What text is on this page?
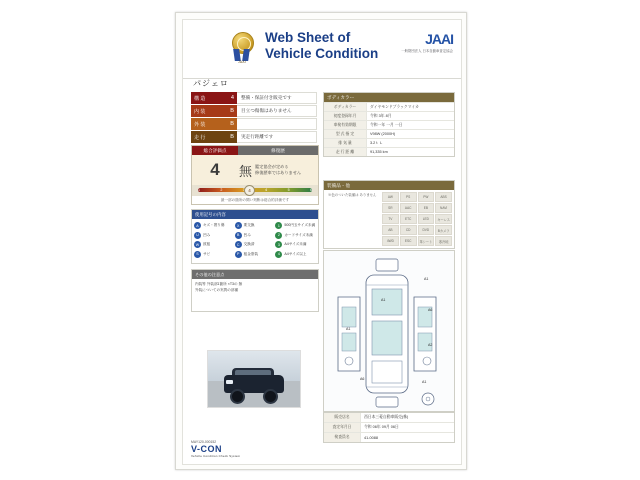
JAAI
Web Sheet of
Vehicle Condition
JAAI
一般財団法人 日本自動車査定協会
パジェロ
構 造	4	整備・保証付き販売です
内 装	B	目立つ傷傷はありません
外 装	B
走 行	B	実走行距離です
総合評価点	修復歴
4	無 鑑定協会が定める
修復歴車ではありません
1	2	4	5	6
4
最一部の箇所の間い判断は総合的評価です
ボディカラー
ボディカラー	ダイヤモンドブラックマイカ
初度登録年月	令和 3年 8月
車検有効期限	令和一年 一月 一日
型 式 指 定	V98W (2000H)
排 気 量	3.2ｔ L
走 行 距 離	91,335 km
装備品・他
※色のついた装備は ありません	AW	PS	PW	ABS
SR	AAC	EB	NAVI
TV	ETC	LED	キーレス
AB	CD	DVD	Bカメラ
4WD	ESC	革シート	寒冷地
使用記号の内容
A	キズ・擦り傷
U	凹み
W	波板
S	サビ
X	要交換
B	凹み
C	交換済
P	板金塗装
1	500円玉サイズ未満
2	カードサイズ未満
3	A4サイズ未満
4	A4サイズ以上
その他の注意点
内装等 外装部1箇所 ×T3の 無
外装についての実質の部備
A1
A1
A6
A1
A2
A6
A1
販売店名	西日本三菱自動車販売(株)
査定年月日	令和 06年 09月 06日
検査員名	41-0088
MAY120-000152
V-CON
Vehicle Condition Check System
